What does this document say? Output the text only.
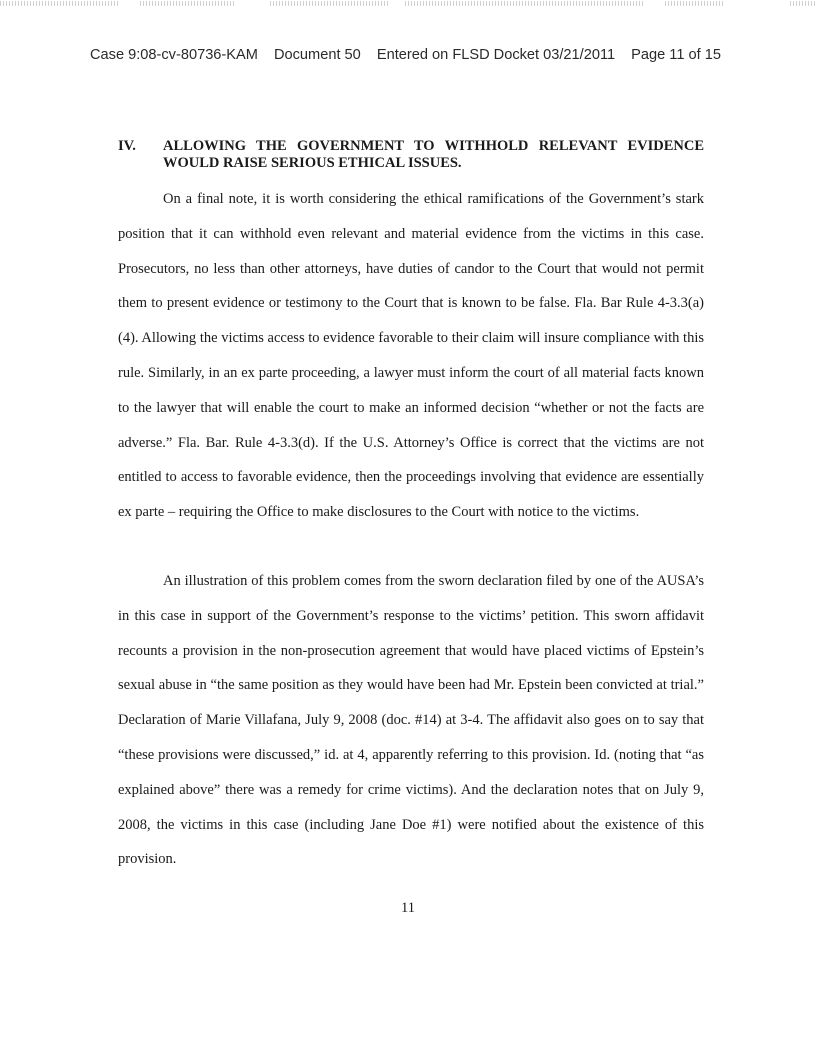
Case 9:08-cv-80736-KAM Document 50 Entered on FLSD Docket 03/21/2011 Page 11 of 15
IV.	ALLOWING THE GOVERNMENT TO WITHHOLD RELEVANT EVIDENCE WOULD RAISE SERIOUS ETHICAL ISSUES.

On a final note, it is worth considering the ethical ramifications of the Government’s stark position that it can withhold even relevant and material evidence from the victims in this case. Prosecutors, no less than other attorneys, have duties of candor to the Court that would not permit them to present evidence or testimony to the Court that is known to be false. Fla. Bar Rule 4-3.3(a)(4). Allowing the victims access to evidence favorable to their claim will insure compliance with this rule. Similarly, in an ex parte proceeding, a lawyer must inform the court of all material facts known to the lawyer that will enable the court to make an informed decision “whether or not the facts are adverse.” Fla. Bar. Rule 4-3.3(d). If the U.S. Attorney’s Office is correct that the victims are not entitled to access to favorable evidence, then the proceedings involving that evidence are essentially ex parte – requiring the Office to make disclosures to the Court with notice to the victims.

An illustration of this problem comes from the sworn declaration filed by one of the AUSA’s in this case in support of the Government’s response to the victims’ petition. This sworn affidavit recounts a provision in the non-prosecution agreement that would have placed victims of Epstein’s sexual abuse in “the same position as they would have been had Mr. Epstein been convicted at trial.” Declaration of Marie Villafana, July 9, 2008 (doc. #14) at 3-4. The affidavit also goes on to say that “these provisions were discussed,” id. at 4, apparently referring to this provision. Id. (noting that “as explained above” there was a remedy for crime victims). And the declaration notes that on July 9, 2008, the victims in this case (including Jane Doe #1) were notified about the existence of this provision.

11
